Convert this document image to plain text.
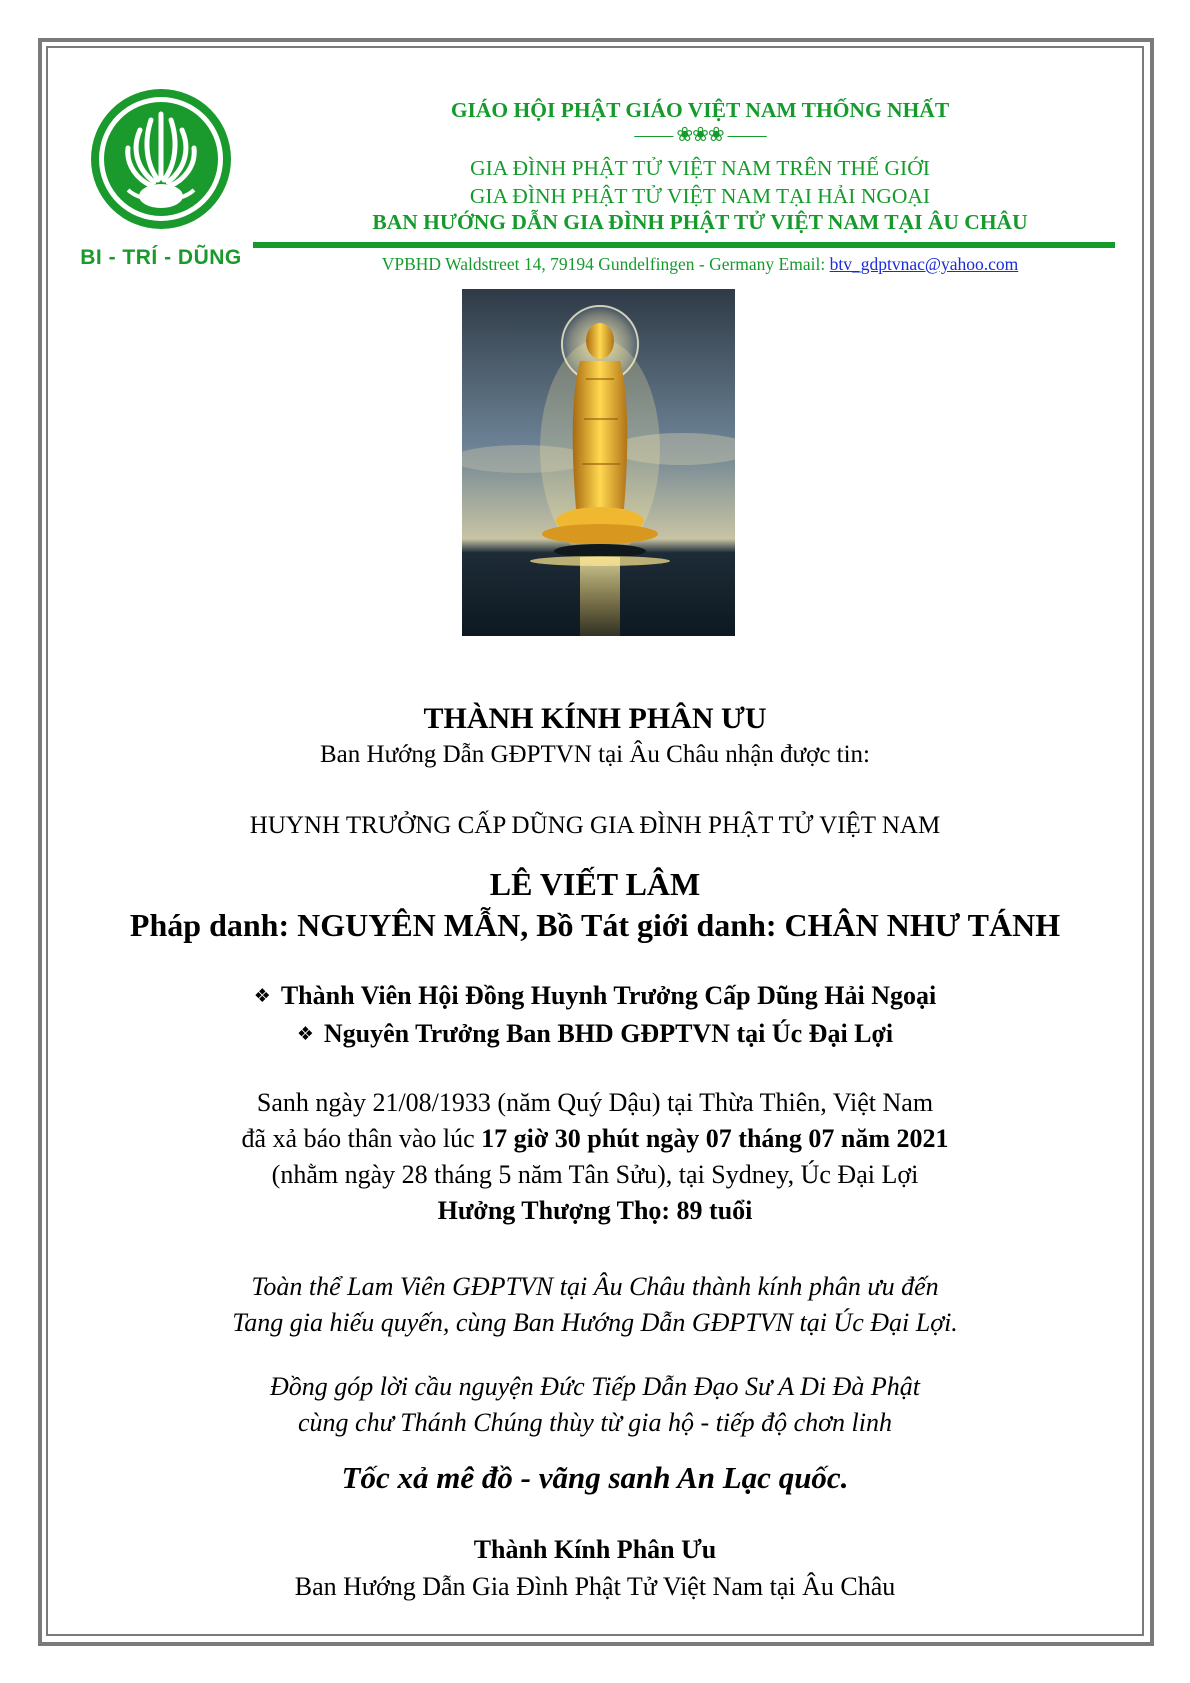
BI - TRÍ - DŨNG
GIÁO HỘI PHẬT GIÁO VIỆT NAM THỐNG NHẤT
—— ❀❀❀ ——
GIA ĐÌNH PHẬT TỬ VIỆT NAM TRÊN THẾ GIỚI
GIA ĐÌNH PHẬT TỬ VIỆT NAM TẠI HẢI NGOẠI
BAN HƯỚNG DẪN GIA ĐÌNH PHẬT TỬ VIỆT NAM TẠI ÂU CHÂU
VPBHD Waldstreet 14, 79194 Gundelfingen - Germany Email: btv_gdptvnac@yahoo.com
THÀNH KÍNH PHÂN ƯU
Ban Hướng Dẫn GĐPTVN tại Âu Châu nhận được tin:
HUYNH TRƯỞNG CẤP DŨNG GIA ĐÌNH PHẬT TỬ VIỆT NAM
LÊ VIẾT LÂM
Pháp danh: NGUYÊN MẪN, Bồ Tát giới danh: CHÂN NHƯ TÁNH
❖ Thành Viên Hội Đồng Huynh Trưởng Cấp Dũng Hải Ngoại
❖ Nguyên Trưởng Ban BHD GĐPTVN tại Úc Đại Lợi
Sanh ngày 21/08/1933 (năm Quý Dậu) tại Thừa Thiên, Việt Nam
đã xả báo thân vào lúc 17 giờ 30 phút ngày 07 tháng 07 năm 2021
(nhằm ngày 28 tháng 5 năm Tân Sửu), tại Sydney, Úc Đại Lợi
Hưởng Thượng Thọ: 89 tuổi
Toàn thể Lam Viên GĐPTVN tại Âu Châu thành kính phân ưu đến
Tang gia hiếu quyến, cùng Ban Hướng Dẫn GĐPTVN tại Úc Đại Lợi.
Đồng góp lời cầu nguyện Đức Tiếp Dẫn Đạo Sư A Di Đà Phật
cùng chư Thánh Chúng thùy từ gia hộ - tiếp độ chơn linh
Tốc xả mê đồ - vãng sanh An Lạc quốc.
Thành Kính Phân Ưu
Ban Hướng Dẫn Gia Đình Phật Tử Việt Nam tại Âu Châu
